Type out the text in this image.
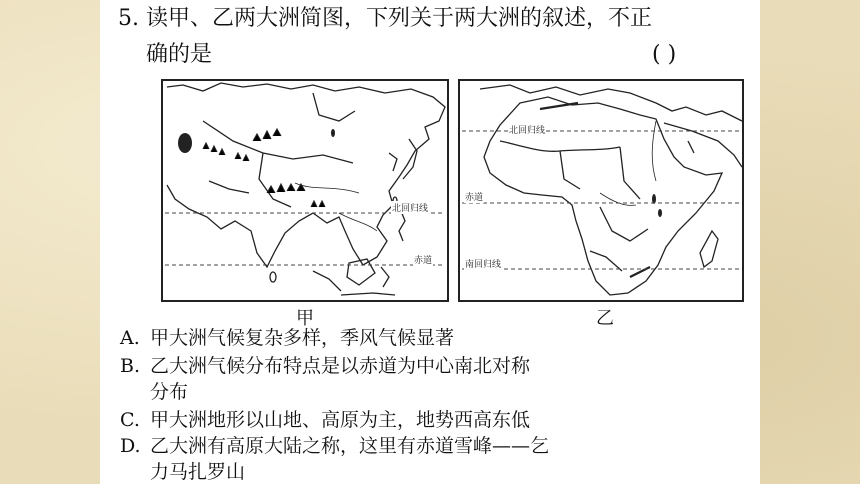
5. 读甲、乙两大洲简图，下列关于两大洲的叙述，不正
确的是	( )
北回归线
赤道
甲
北回归线
赤道
南回归线
乙
A. 甲大洲气候复杂多样，季风气候显著
B. 乙大洲气候分布特点是以赤道为中心南北对称
分布
C. 甲大洲地形以山地、高原为主，地势西高东低
D. 乙大洲有高原大陆之称，这里有赤道雪峰——乞
力马扎罗山
